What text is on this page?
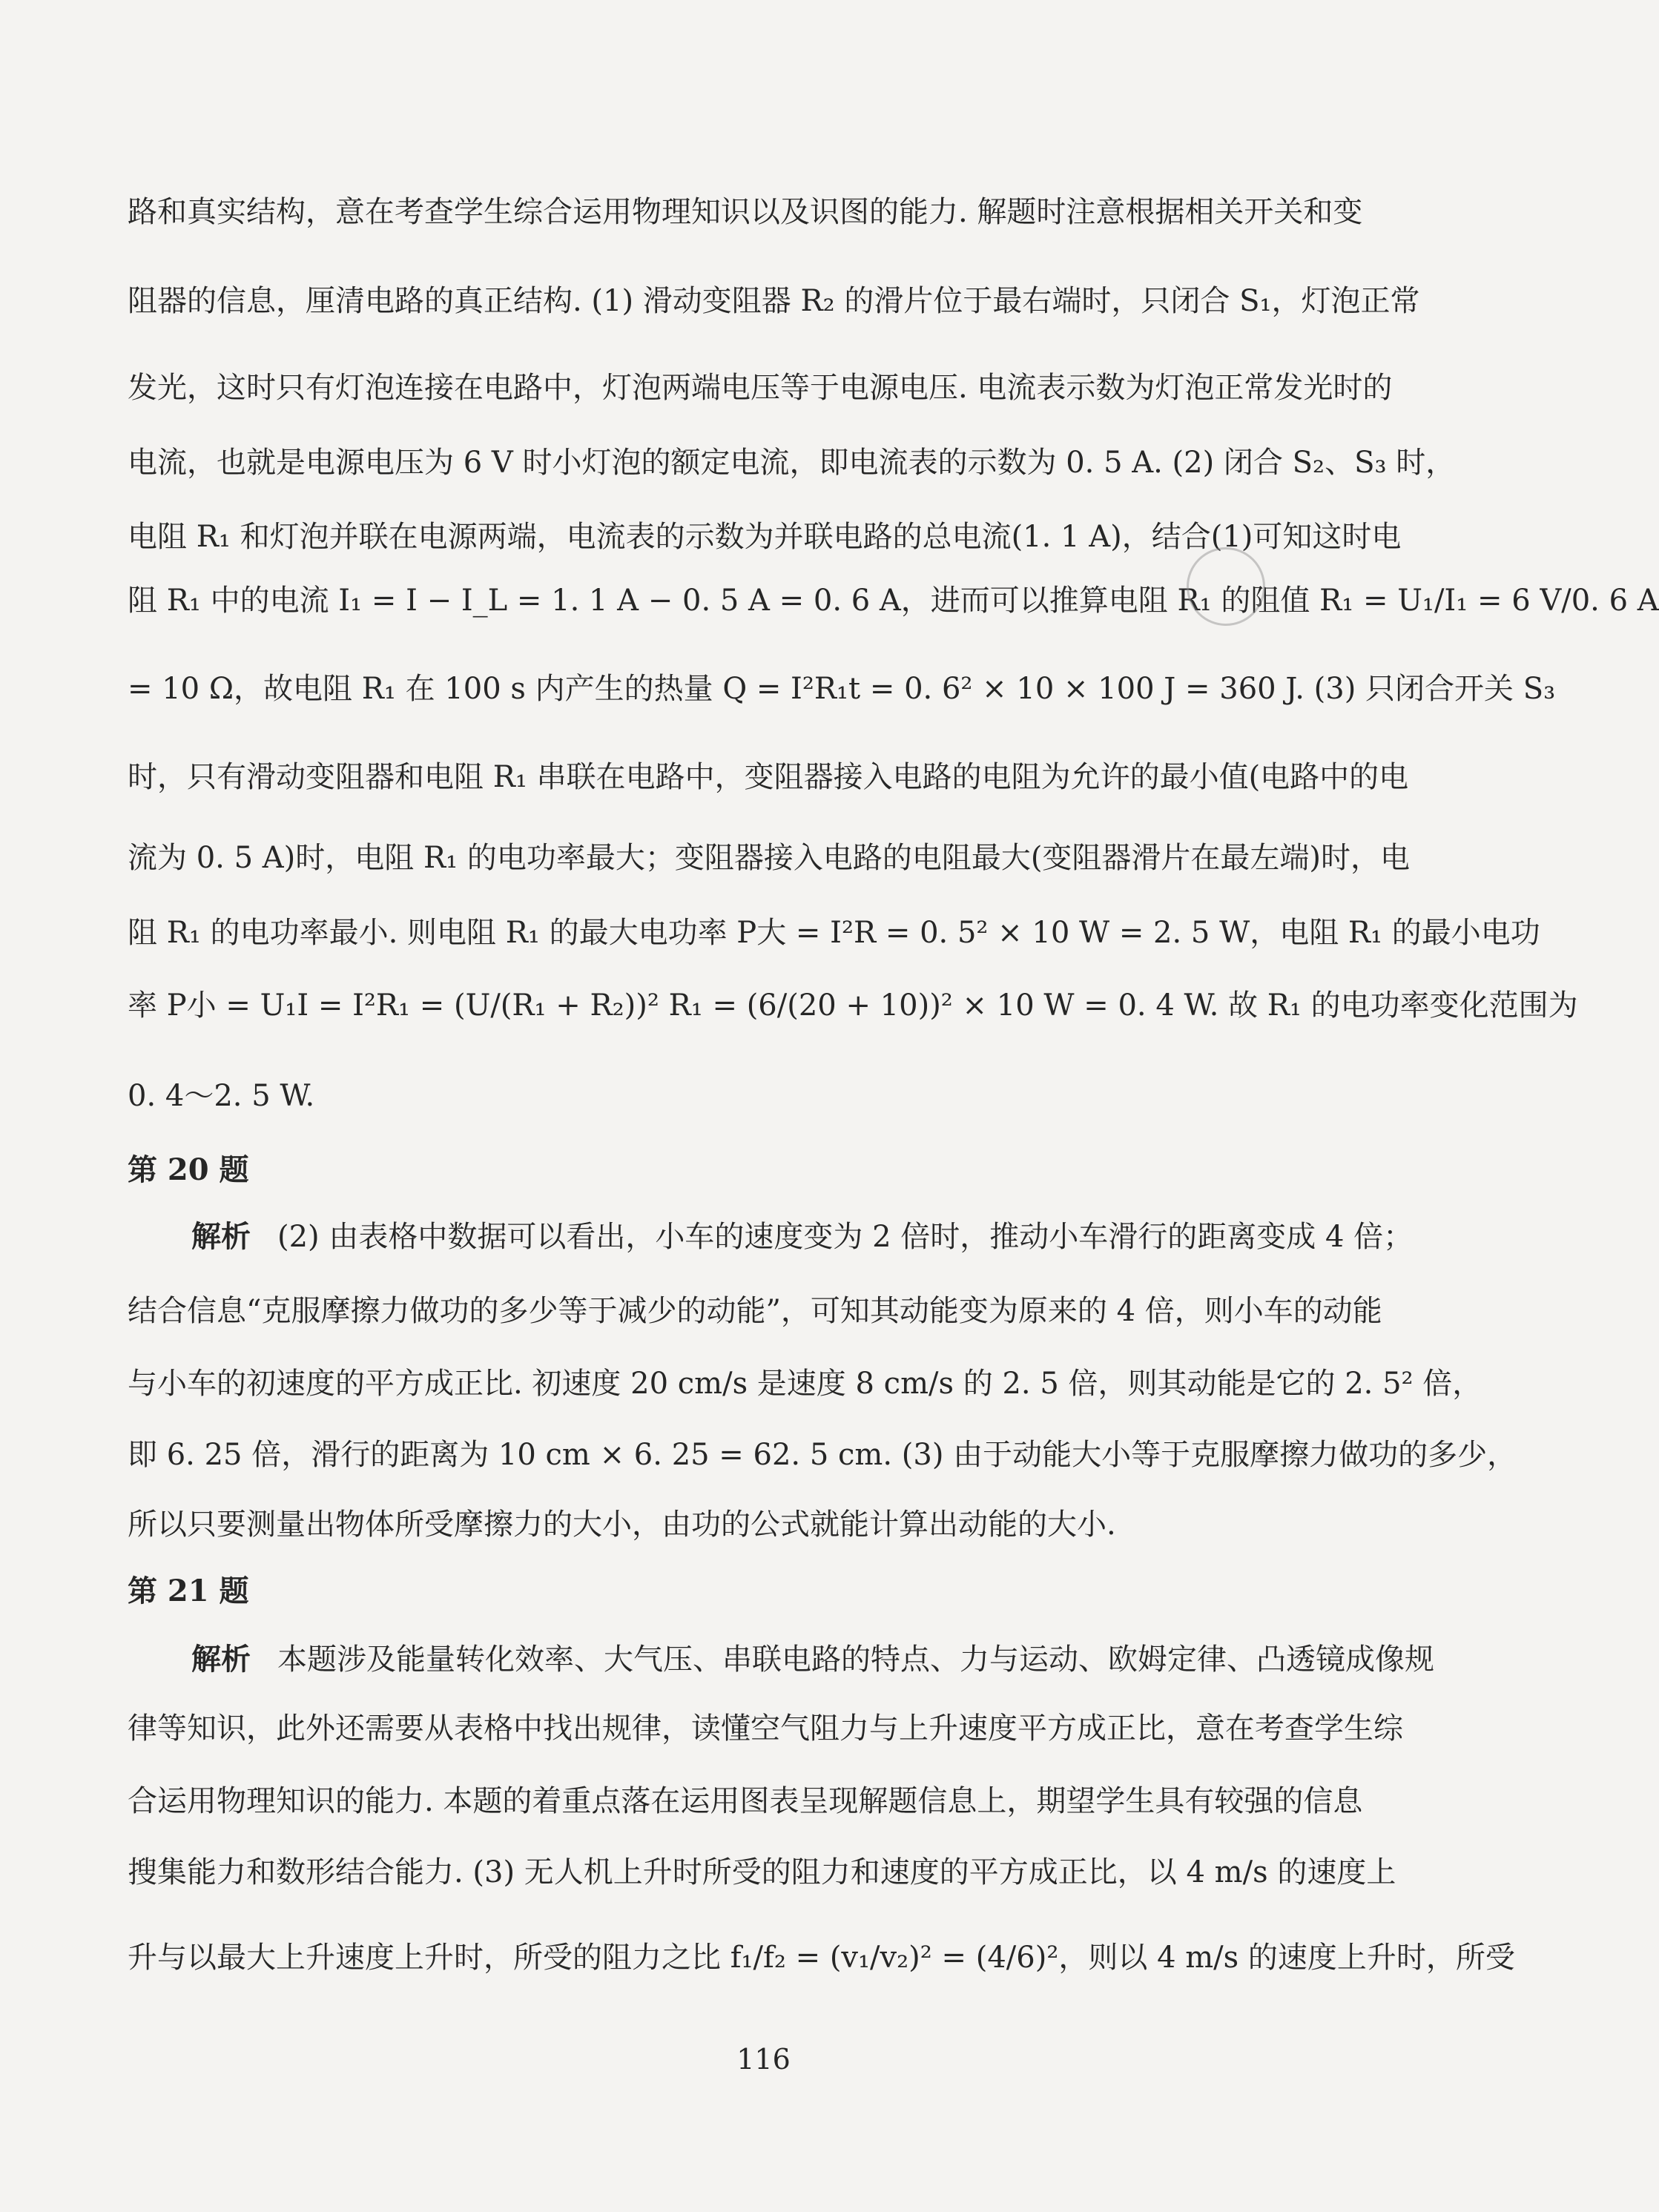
路和真实结构，意在考查学生综合运用物理知识以及识图的能力. 解题时注意根据相关开关和变
阻器的信息，厘清电路的真正结构. (1) 滑动变阻器 R₂ 的滑片位于最右端时，只闭合 S₁，灯泡正常
发光，这时只有灯泡连接在电路中，灯泡两端电压等于电源电压. 电流表示数为灯泡正常发光时的
电流，也就是电源电压为 6 V 时小灯泡的额定电流，即电流表的示数为 0. 5 A. (2) 闭合 S₂、S₃ 时，
电阻 R₁ 和灯泡并联在电源两端，电流表的示数为并联电路的总电流(1. 1 A)，结合(1)可知这时电
阻 R₁ 中的电流 I₁ = I − I_L = 1. 1 A − 0. 5 A = 0. 6 A，进而可以推算电阻 R₁ 的阻值 R₁ = U₁/I₁ = 6 V/0. 6 A
= 10 Ω，故电阻 R₁ 在 100 s 内产生的热量 Q = I²R₁t = 0. 6² × 10 × 100 J = 360 J. (3) 只闭合开关 S₃
时，只有滑动变阻器和电阻 R₁ 串联在电路中，变阻器接入电路的电阻为允许的最小值(电路中的电
流为 0. 5 A)时，电阻 R₁ 的电功率最大；变阻器接入电路的电阻最大(变阻器滑片在最左端)时，电
阻 R₁ 的电功率最小. 则电阻 R₁ 的最大电功率 P大 = I²R = 0. 5² × 10 W = 2. 5 W，电阻 R₁ 的最小电功
率 P小 = U₁I = I²R₁ = (U/(R₁ + R₂))² R₁ = (6/(20 + 10))² × 10 W = 0. 4 W. 故 R₁ 的电功率变化范围为
0. 4～2. 5 W.
第 20 题
解析 (2) 由表格中数据可以看出，小车的速度变为 2 倍时，推动小车滑行的距离变成 4 倍；
结合信息“克服摩擦力做功的多少等于减少的动能”，可知其动能变为原来的 4 倍，则小车的动能
与小车的初速度的平方成正比. 初速度 20 cm/s 是速度 8 cm/s 的 2. 5 倍，则其动能是它的 2. 5² 倍，
即 6. 25 倍，滑行的距离为 10 cm × 6. 25 = 62. 5 cm. (3) 由于动能大小等于克服摩擦力做功的多少，
所以只要测量出物体所受摩擦力的大小，由功的公式就能计算出动能的大小.
第 21 题
解析 本题涉及能量转化效率、大气压、串联电路的特点、力与运动、欧姆定律、凸透镜成像规
律等知识，此外还需要从表格中找出规律，读懂空气阻力与上升速度平方成正比，意在考查学生综
合运用物理知识的能力. 本题的着重点落在运用图表呈现解题信息上，期望学生具有较强的信息
搜集能力和数形结合能力. (3) 无人机上升时所受的阻力和速度的平方成正比，以 4 m/s 的速度上
升与以最大上升速度上升时，所受的阻力之比 f₁/f₂ = (v₁/v₂)² = (4/6)²，则以 4 m/s 的速度上升时，所受
116
